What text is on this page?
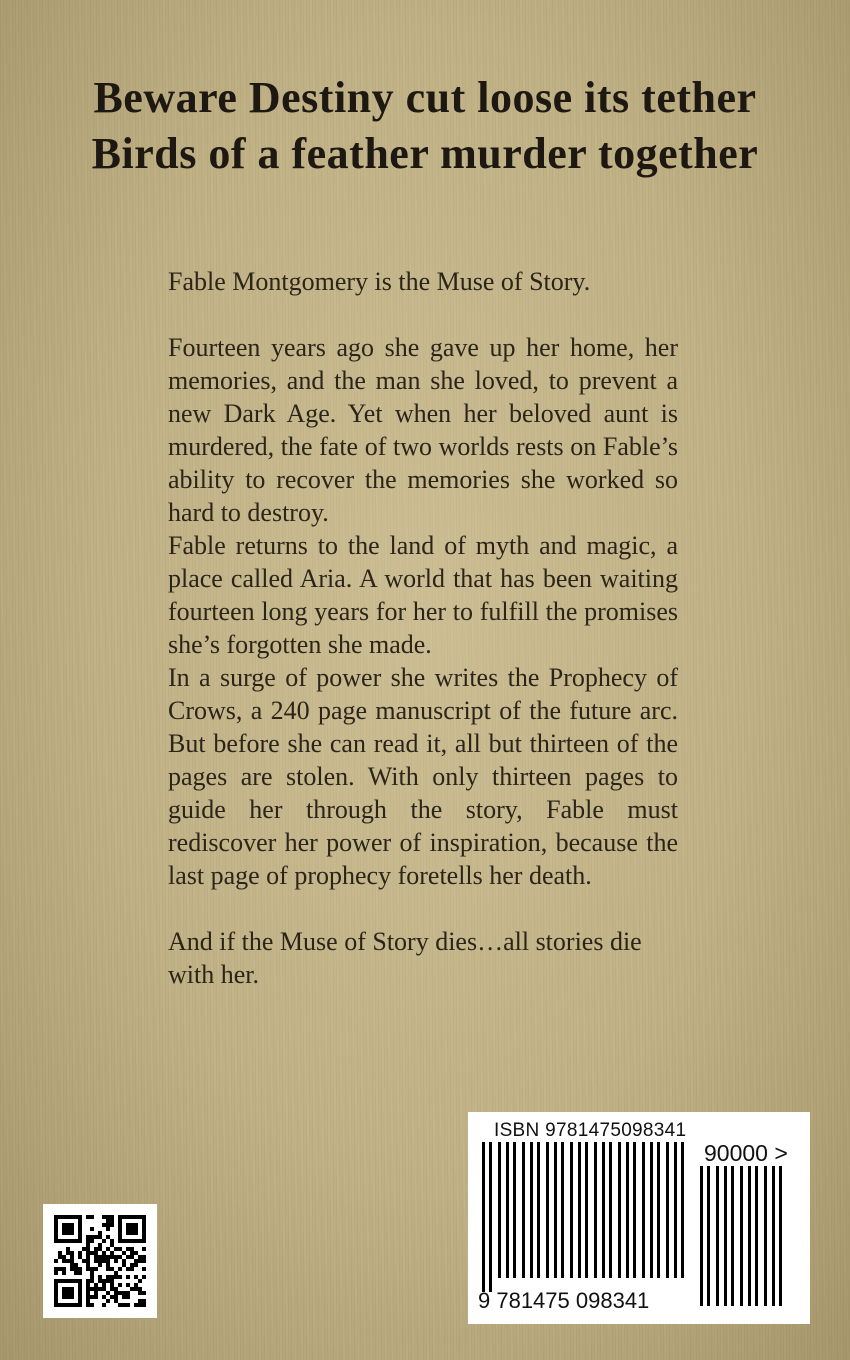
Beware Destiny cut loose its tether
Birds of a feather murder together

Fable Montgomery is the Muse of Story.

Fourteen years ago she gave up her home, her memories, and the man she loved, to prevent a new Dark Age. Yet when her beloved aunt is murdered, the fate of two worlds rests on Fable’s ability to recover the memories she worked so hard to destroy.

Fable returns to the land of myth and magic, a place called Aria. A world that has been waiting fourteen long years for her to fulfill the promises she’s forgotten she made.

In a surge of power she writes the Prophecy of Crows, a 240 page manuscript of the future arc. But before she can read it, all but thirteen of the pages are stolen. With only thirteen pages to guide her through the story, Fable must rediscover her power of inspiration, because the last page of prophecy foretells her death.

And if the Muse of Story dies…all stories die with her.

ISBN 9781475098341
9 781475 098341
90000 >
